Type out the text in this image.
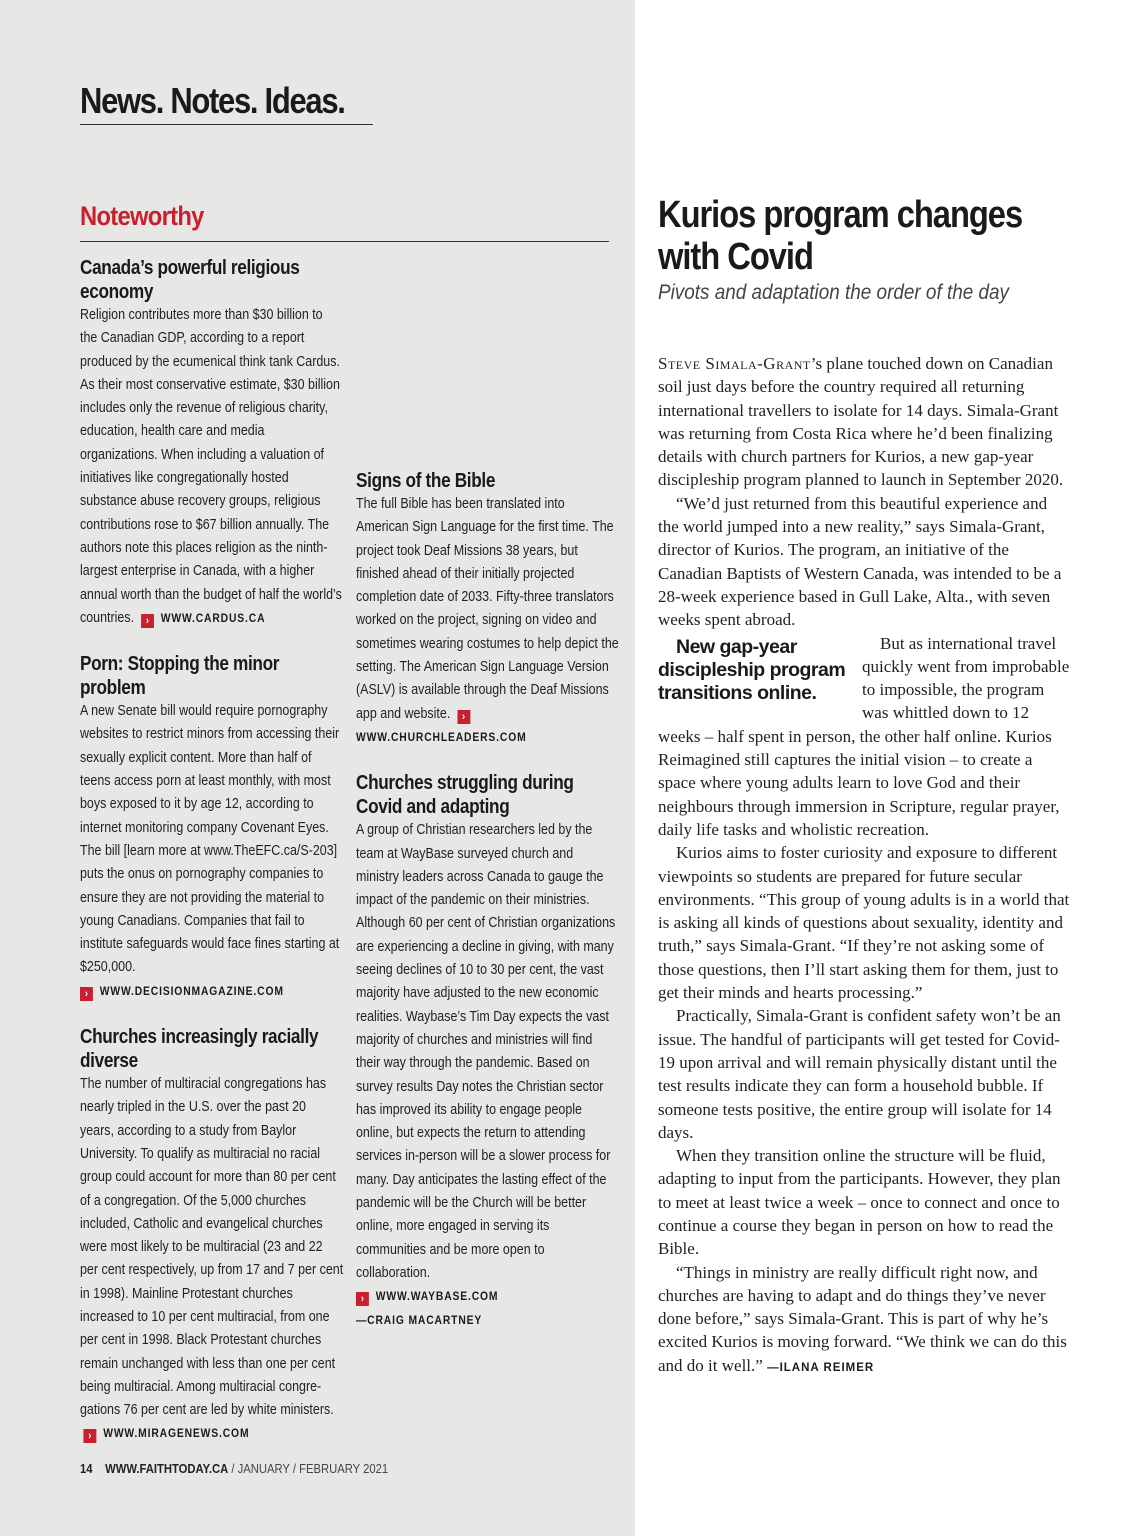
News. Notes. Ideas.
Noteworthy
Canada’s powerful religious economy
Religion contributes more than $30 billion to the Canadian GDP, according to a report produced by the ecumenical think tank Cardus. As their most conservative estimate, $30 billion includes only the revenue of religious charity, education, health care and media organizations. When including a valuation of initiatives like congregationally hosted substance abuse recovery groups, religious contributions rose to $67 billion annually. The authors note this places religion as the ninth-largest enterprise in Canada, with a higher annual worth than the budget of half the world’s countries. › WWW.CARDUS.CA
Porn: Stopping the minor problem
A new Senate bill would require pornography websites to restrict minors from accessing their sexually explicit content. More than half of teens access porn at least monthly, with most boys exposed to it by age 12, according to internet monitoring company Covenant Eyes. The bill [learn more at www.TheEFC.ca/S-203] puts the onus on pornography companies to ensure they are not providing the material to young Canadians. Companies that fail to institute safeguards would face fines starting at $250,000.
› WWW.DECISIONMAGAZINE.COM
Churches increasingly racially diverse
The number of multiracial congregations has nearly tripled in the U.S. over the past 20 years, according to a study from Baylor University. To qualify as multiracial no racial group could account for more than 80 per cent of a congregation. Of the 5,000 churches included, Catholic and evangelical churches were most likely to be multiracial (23 and 22 per cent respectively, up from 17 and 7 per cent in 1998). Mainline Protestant churches increased to 10 per cent multiracial, from one per cent in 1998. Black Protestant churches remain unchanged with less than one per cent being multiracial. Among multiracial congregations 76 per cent are led by white ministers. › WWW.MIRAGENEWS.COM
Signs of the Bible
The full Bible has been translated into American Sign Language for the first time. The project took Deaf Missions 38 years, but finished ahead of their initially projected completion date of 2033. Fifty-three translators worked on the project, signing on video and sometimes wearing costumes to help depict the setting. The American Sign Language Version (ASLV) is available through the Deaf Missions app and website. ›WWW.CHURCHLEADERS.COM
Churches struggling during Covid and adapting
A group of Christian researchers led by the team at WayBase surveyed church and ministry leaders across Canada to gauge the impact of the pandemic on their ministries. Although 60 per cent of Christian organizations are experiencing a decline in giving, with many seeing declines of 10 to 30 per cent, the vast majority have adjusted to the new economic realities. Waybase’s Tim Day expects the vast majority of churches and ministries will find their way through the pandemic. Based on survey results Day notes the Christian sector has improved its ability to engage people online, but expects the return to attending services in-person will be a slower process for many. Day anticipates the lasting effect of the pandemic will be the Church will be better online, more engaged in serving its communities and be more open to collaboration.
› WWW.WAYBASE.COM
—CRAIG MACARTNEY
Kurios program changes with Covid
Pivots and adaptation the order of the day

Steve Simala-Grant’s plane touched down on Canadian soil just days before the country required all returning international travellers to isolate for 14 days. Simala-Grant was returning from Costa Rica where he’d been finalizing details with church partners for Kurios, a new gap-year discipleship program planned to launch in September 2020.

“We’d just returned from this beautiful experience and the world jumped into a new reality,” says Simala-Grant, director of Kurios. The program, an initiative of the Canadian Baptists of Western Canada, was intended to be a 28-week experience based in Gull Lake, Alta., with seven weeks spent abroad.

New gap-year discipleship program transitions online.
But as international travel quickly went from improbable to impossible, the program was whittled down to 12 weeks – half spent in person, the other half online. Kurios Reimagined still captures the initial vision – to create a space where young adults learn to love God and their neighbours through immersion in Scripture, regular prayer, daily life tasks and wholistic recreation.

Kurios aims to foster curiosity and exposure to different viewpoints so students are prepared for future secular environments. “This group of young adults is in a world that is asking all kinds of questions about sexuality, identity and truth,” says Simala-Grant. “If they’re not asking some of those questions, then I’ll start asking them for them, just to get their minds and hearts processing.”

Practically, Simala-Grant is confident safety won’t be an issue. The handful of participants will get tested for Covid-19 upon arrival and will remain physically distant until the test results indicate they can form a household bubble. If someone tests positive, the entire group will isolate for 14 days.

When they transition online the structure will be fluid, adapting to input from the participants. However, they plan to meet at least twice a week – once to connect and once to continue a course they began in person on how to read the Bible.

“Things in ministry are really difficult right now, and churches are having to adapt and do things they’ve never done before,” says Simala-Grant. This is part of why he’s excited Kurios is moving forward. “We think we can do this and do it well.” —ILANA REIMER

14 WWW.FAITHTODAY.CA / JANUARY / FEBRUARY 2021
